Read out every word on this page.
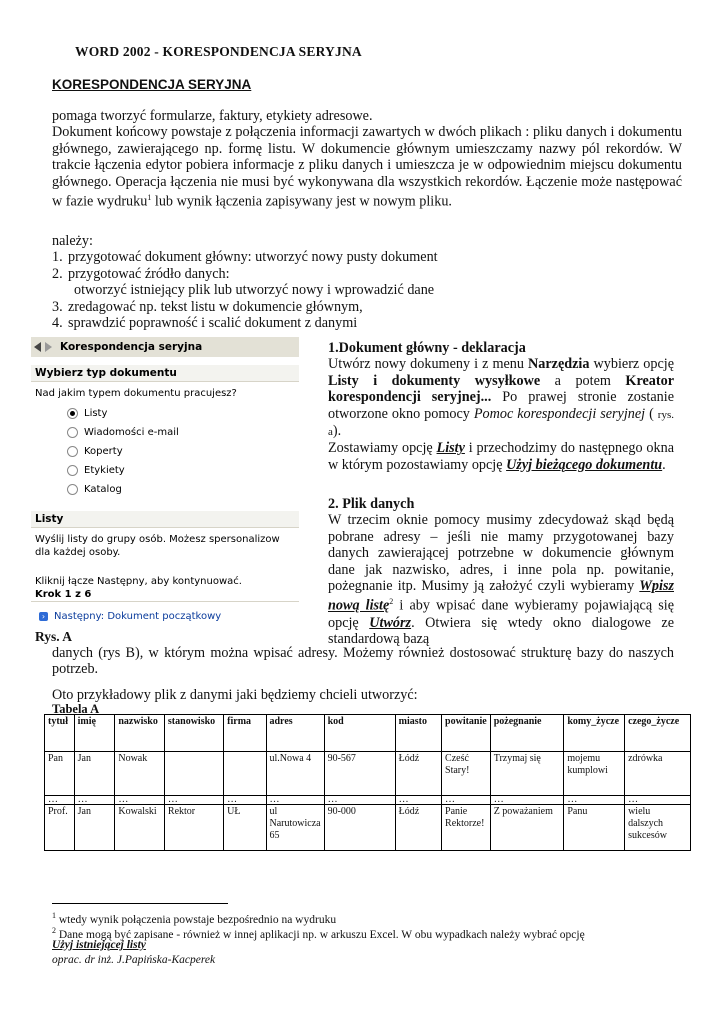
WORD 2002 - KORESPONDENCJA SERYJNA
KORESPONDENCJA SERYJNA

pomaga tworzyć formularze, faktury, etykiety adresowe.

Dokument końcowy powstaje z połączenia informacji zawartych w dwóch plikach : pliku danych i dokumentu głównego, zawierającego np. formę listu. W dokumencie głównym umieszczamy nazwy pól rekordów. W trakcie łączenia edytor pobiera informacje z pliku danych i umieszcza je w odpowiednim miejscu dokumentu głównego. Operacja łączenia nie musi być wykonywana dla wszystkich rekordów. Łączenie może następować w fazie wydruku$^1$ lub wynik łączenia zapisywany jest w nowym pliku.

należy:
1. przygotować dokument główny: utworzyć nowy pusty dokument
2. przygotować źródło danych:
otworzyć istniejący plik lub utworzyć nowy i wprowadzić dane
3. zredagować np. tekst listu w dokumencie głównym,
4. sprawdzić poprawność i scalić dokument z danymi
Korespondencja seryjna
Wybierz typ dokumentu
Nad jakim typem dokumentu pracujesz?
Listy
Wiadomości e-mail
Koperty
Etykiety
Katalog
Listy
Wyślij listy do grupy osób. Możesz spersonalizow dla każdej osoby.
Kliknij łącze Następny, aby kontynuować.
Krok 1 z 6
› Następny: Dokument początkowy
Rys. A

1.Dokument główny - deklaracja

Utwórz nowy dokumeny i z menu Narzędzia wybierz opcję Listy i dokumenty wysyłkowe a potem Kreator korespondencji seryjnej... Po prawej stronie zostanie otworzone okno pomocy Pomoc korespondecji seryjnej ( rys. a).

Zostawiamy opcję Listy i przechodzimy do następnego okna w którym pozostawiamy opcję Użyj bieżącego dokumentu.

2. Plik danych

W trzecim oknie pomocy musimy zdecydoważ skąd będą pobrane adresy – jeśli nie mamy przygotowanej bazy danych zawierającej potrzebne w dokumencie głównym dane jak nazwisko, adres, i inne pola np. powitanie, pożegnanie itp. Musimy ją założyć czyli wybieramy Wpisz nową listę$^2$ i aby wpisać dane wybieramy pojawiającą się opcję Utwórz. Otwiera się wtedy okno dialogowe ze standardową bazą

danych (rys B), w którym można wpisać adresy. Możemy również dostosować strukturę bazy do naszych potrzeb.

Oto przykładowy plik z danymi jaki będziemy chcieli utworzyć:
Tabela A
tytuł	imię	nazwisko	stanowisko	firma	adres	kod	miasto	powitanie	pożegnanie	komy_życze	czego_życze
Pan	Jan	Nowak			ul.Nowa 4	90-567	Łódź	Cześć Stary!	Trzymaj się	mojemu kumplowi	zdrówka
…	…	…	…	…	…	…	…	…	…	…	…
Prof.	Jan	Kowalski	Rektor	UŁ	ul Narutowicza 65	90-000	Łódź	Panie Rektorze!	Z poważaniem	Panu	wielu dalszych sukcesów
$^1$ wtedy wynik połączenia powstaje bezpośrednio na wydruku
$^2$ Dane mogą być zapisane - również w innej aplikacji np. w arkuszu Excel. W obu wypadkach należy wybrać opcję
Użyj istniejącej listy
oprac. dr inż. J.Papińska-Kacperek
